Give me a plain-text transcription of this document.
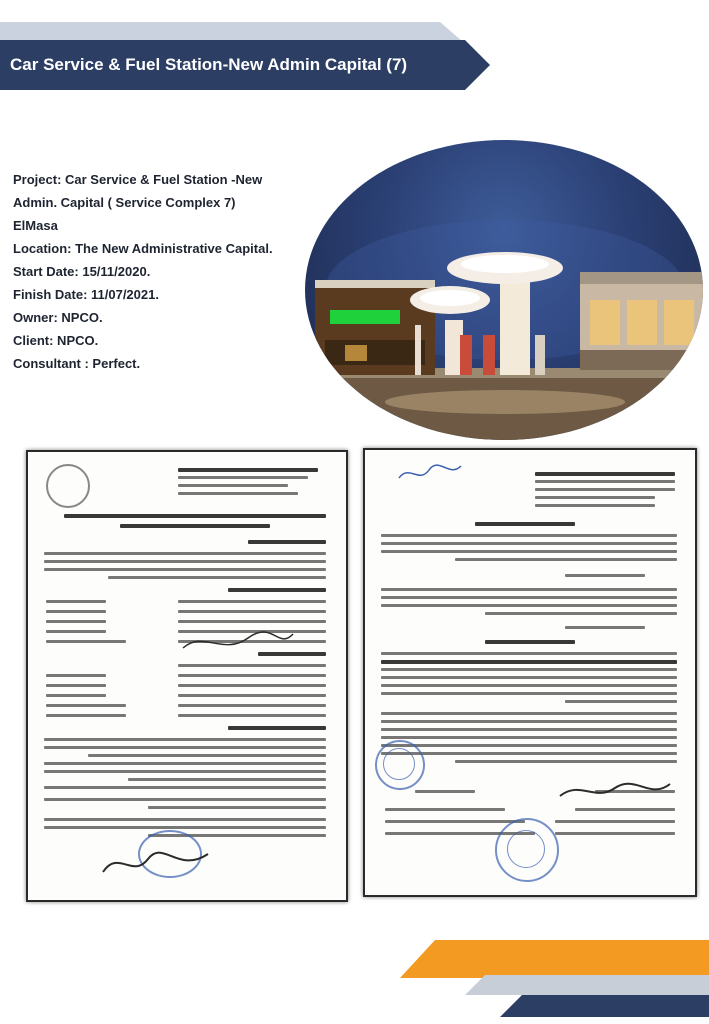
Car Service & Fuel Station-New Admin Capital (7)
Project: Car Service & Fuel Station -New
Admin. Capital ( Service Complex 7)
ElMasa
Location: The New Administrative Capital.
Start Date: 15/11/2020.
Finish Date: 11/07/2021.
Owner: NPCO.
Client: NPCO.
Consultant : Perfect.
